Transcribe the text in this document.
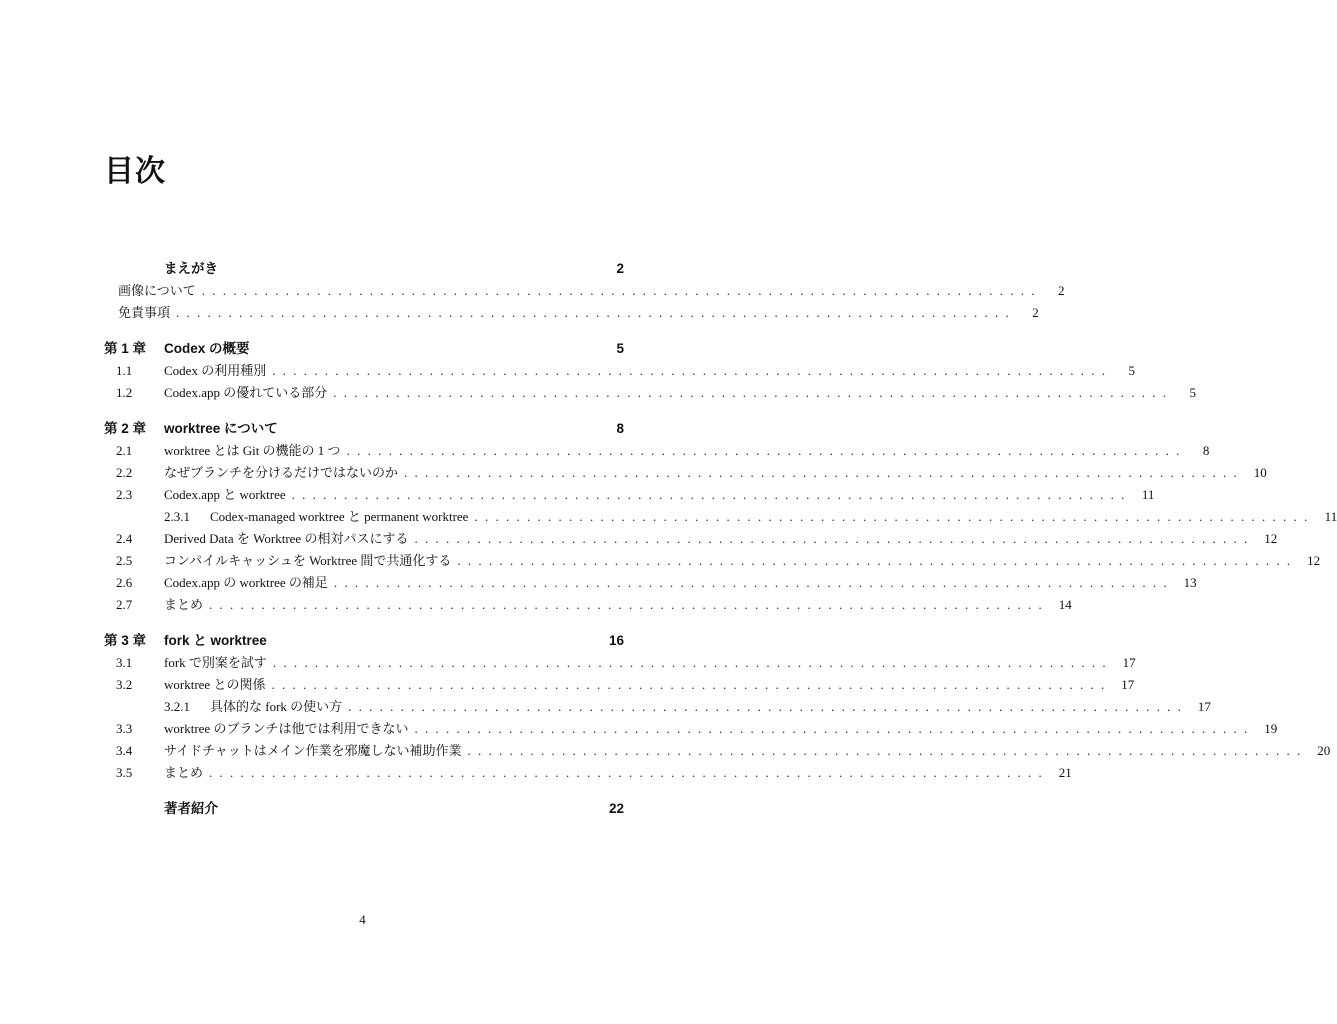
目次
まえがき	2
画像について . . . . . . . . . . . . . . . . . . . . . . . . . . . . . . . . . . . . . . . . . . . . . . . . . . . . . . . . . . . . . . . . . . . . . . . . . . . . . . . .	2
免責事項 . . . . . . . . . . . . . . . . . . . . . . . . . . . . . . . . . . . . . . . . . . . . . . . . . . . . . . . . . . . . . . . . . . . . . . . . . . . . . . . .	2
第 1 章 Codex の概要	5
1.1 Codex の利用種別 . . . . . . . . . . . . . . . . . . . . . . . . . . . . . . . . . . . . . . . . . . . . . . . . . . . . . . . . . . . . . . . . . . . . . . . . . . . . . . . .	5
1.2 Codex.app の優れている部分 . . . . . . . . . . . . . . . . . . . . . . . . . . . . . . . . . . . . . . . . . . . . . . . . . . . . . . . . . . . . . . . . . . . . . . . . . . . . . . . .	5
第 2 章 worktree について	8
2.1 worktree とは Git の機能の 1 つ . . . . . . . . . . . . . . . . . . . . . . . . . . . . . . . . . . . . . . . . . . . . . . . . . . . . . . . . . . . . . . . . . . . . . . . . . . . . . . . .	8
2.2 なぜブランチを分けるだけではないのか . . . . . . . . . . . . . . . . . . . . . . . . . . . . . . . . . . . . . . . . . . . . . . . . . . . . . . . . . . . . . . . . . . . . . . . . . . . . . . . .	10
2.3 Codex.app と worktree . . . . . . . . . . . . . . . . . . . . . . . . . . . . . . . . . . . . . . . . . . . . . . . . . . . . . . . . . . . . . . . . . . . . . . . . . . . . . . . .	11
2.3.1 Codex-managed worktree と permanent worktree . . . . . . . . . . . . . . . . . . . . . . . . . . . . . . . . . . . . . . . . . . . . . . . . . . . . . . . . . . . . . . . . . . . . . . . . . . . . . . . .	11
2.4 Derived Data を Worktree の相対パスにする . . . . . . . . . . . . . . . . . . . . . . . . . . . . . . . . . . . . . . . . . . . . . . . . . . . . . . . . . . . . . . . . . . . . . . . . . . . . . . . .	12
2.5 コンパイルキャッシュを Worktree 間で共通化する . . . . . . . . . . . . . . . . . . . . . . . . . . . . . . . . . . . . . . . . . . . . . . . . . . . . . . . . . . . . . . . . . . . . . . . . . . . . . . . .	12
2.6 Codex.app の worktree の補足 . . . . . . . . . . . . . . . . . . . . . . . . . . . . . . . . . . . . . . . . . . . . . . . . . . . . . . . . . . . . . . . . . . . . . . . . . . . . . . . .	13
2.7 まとめ . . . . . . . . . . . . . . . . . . . . . . . . . . . . . . . . . . . . . . . . . . . . . . . . . . . . . . . . . . . . . . . . . . . . . . . . . . . . . . . .	14
第 3 章 fork と worktree	16
3.1 fork で別案を試す . . . . . . . . . . . . . . . . . . . . . . . . . . . . . . . . . . . . . . . . . . . . . . . . . . . . . . . . . . . . . . . . . . . . . . . . . . . . . . . .	17
3.2 worktree との関係 . . . . . . . . . . . . . . . . . . . . . . . . . . . . . . . . . . . . . . . . . . . . . . . . . . . . . . . . . . . . . . . . . . . . . . . . . . . . . . . .	17
3.2.1 具体的な fork の使い方 . . . . . . . . . . . . . . . . . . . . . . . . . . . . . . . . . . . . . . . . . . . . . . . . . . . . . . . . . . . . . . . . . . . . . . . . . . . . . . . .	17
3.3 worktree のブランチは他では利用できない . . . . . . . . . . . . . . . . . . . . . . . . . . . . . . . . . . . . . . . . . . . . . . . . . . . . . . . . . . . . . . . . . . . . . . . . . . . . . . . .	19
3.4 サイドチャットはメイン作業を邪魔しない補助作業 . . . . . . . . . . . . . . . . . . . . . . . . . . . . . . . . . . . . . . . . . . . . . . . . . . . . . . . . . . . . . . . . . . . . . . . . . . . . . . . .	20
3.5 まとめ . . . . . . . . . . . . . . . . . . . . . . . . . . . . . . . . . . . . . . . . . . . . . . . . . . . . . . . . . . . . . . . . . . . . . . . . . . . . . . . .	21
著者紹介	22
4
